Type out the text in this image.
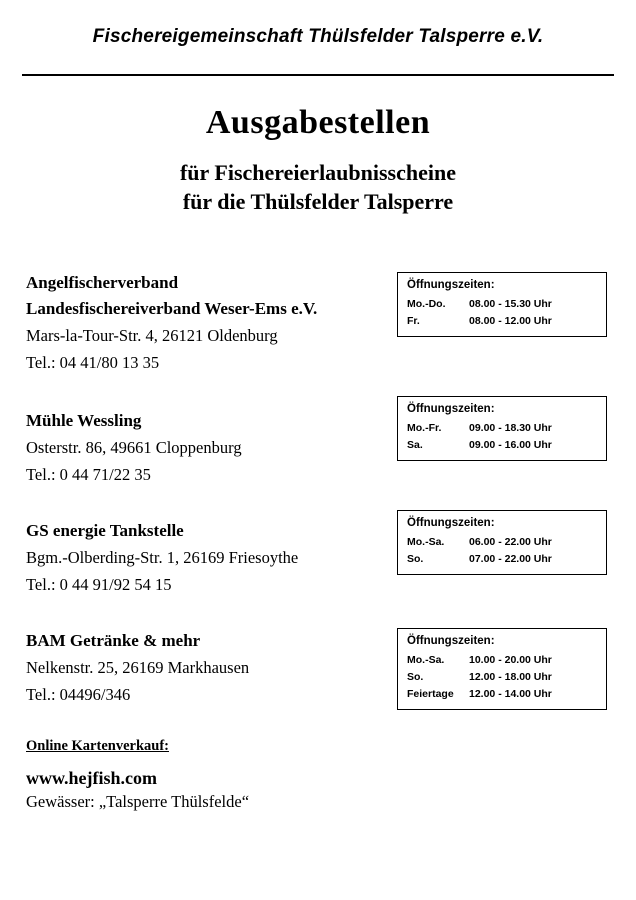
Fischereigemeinschaft Thülsfelder Talsperre e.V.
Ausgabestellen
für Fischereierlaubnisscheine
für die Thülsfelder Talsperre
Angelfischerverband
Landesfischereiverband Weser-Ems e.V.
Mars-la-Tour-Str. 4, 26121 Oldenburg
Tel.: 04 41/80 13 35
Öffnungszeiten:
Mo.-Do.	08.00 - 15.30 Uhr
Fr.	08.00 - 12.00 Uhr
Mühle Wessling
Osterstr. 86, 49661 Cloppenburg
Tel.: 0 44 71/22 35
Öffnungszeiten:
Mo.-Fr.	09.00 - 18.30 Uhr
Sa.	09.00 - 16.00 Uhr
GS energie Tankstelle
Bgm.-Olberding-Str. 1, 26169 Friesoythe
Tel.: 0 44 91/92 54 15
Öffnungszeiten:
Mo.-Sa.	06.00 - 22.00 Uhr
So.	07.00 - 22.00 Uhr
BAM Getränke & mehr
Nelkenstr. 25, 26169 Markhausen
Tel.: 04496/346
Öffnungszeiten:
Mo.-Sa.	10.00 - 20.00 Uhr
So.	12.00 - 18.00 Uhr
Feiertage	12.00 - 14.00 Uhr
Online Kartenverkauf:
www.hejfish.com
Gewässer: „Talsperre Thülsfelde“
